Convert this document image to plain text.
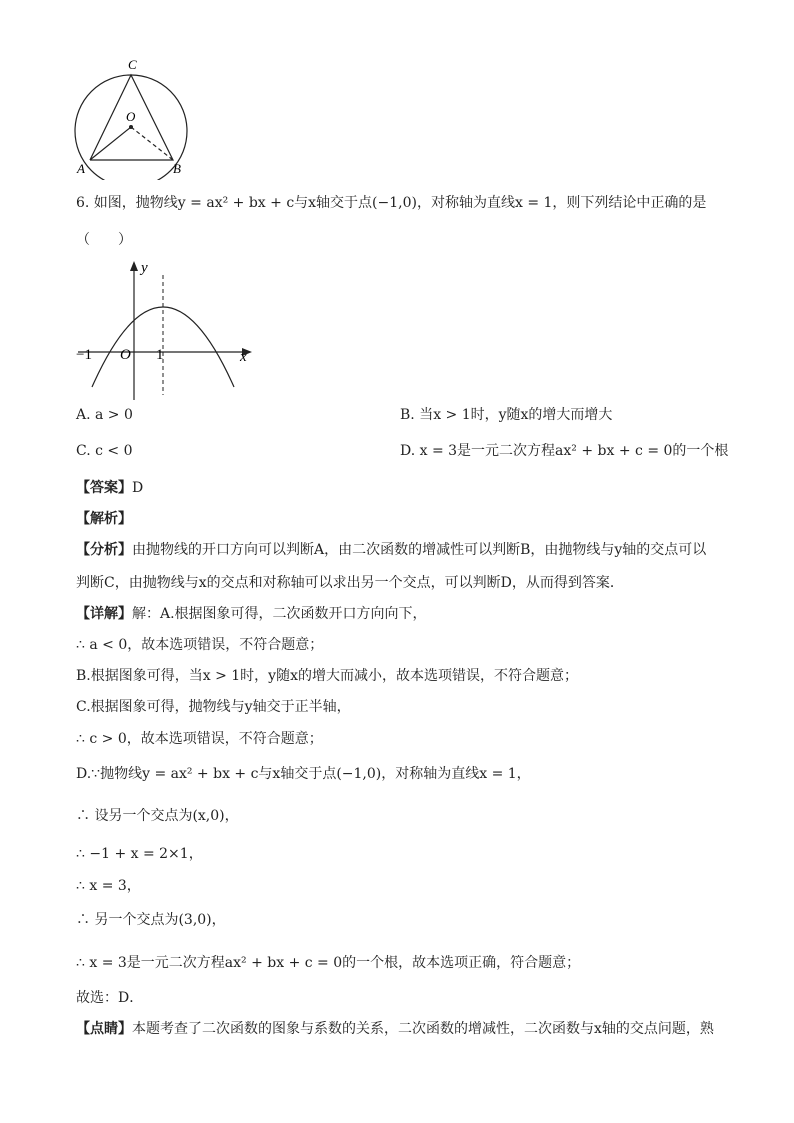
C
O
A	B
6. 如图，抛物线y = ax² + bx + c与x轴交于点(−1,0)，对称轴为直线x = 1，则下列结论中正确的是
（　　）
y
x
−1 O 1
A. a > 0	B. 当x > 1时，y随x的增大而增大
C. c < 0	D. x = 3是一元二次方程ax² + bx + c = 0的一个根
【答案】D
【解析】
【分析】由抛物线的开口方向可以判断A，由二次函数的增减性可以判断B，由抛物线与y轴的交点可以
判断C，由抛物线与x的交点和对称轴可以求出另一个交点，可以判断D，从而得到答案．
【详解】解：A.根据图象可得，二次函数开口方向向下，
∴ a < 0，故本选项错误，不符合题意；
B.根据图象可得，当x > 1时，y随x的增大而减小，故本选项错误，不符合题意；
C.根据图象可得，抛物线与y轴交于正半轴，
∴ c > 0，故本选项错误，不符合题意；
D.∵抛物线y = ax² + bx + c与x轴交于点(−1,0)，对称轴为直线x = 1，
∴ 设另一个交点为(x,0)，
∴ −1 + x = 2×1，
∴ x = 3，
∴ 另一个交点为(3,0)，
∴ x = 3是一元二次方程ax² + bx + c = 0的一个根，故本选项正确，符合题意；
故选：D．
【点睛】本题考查了二次函数的图象与系数的关系，二次函数的增减性，二次函数与x轴的交点问题，熟
